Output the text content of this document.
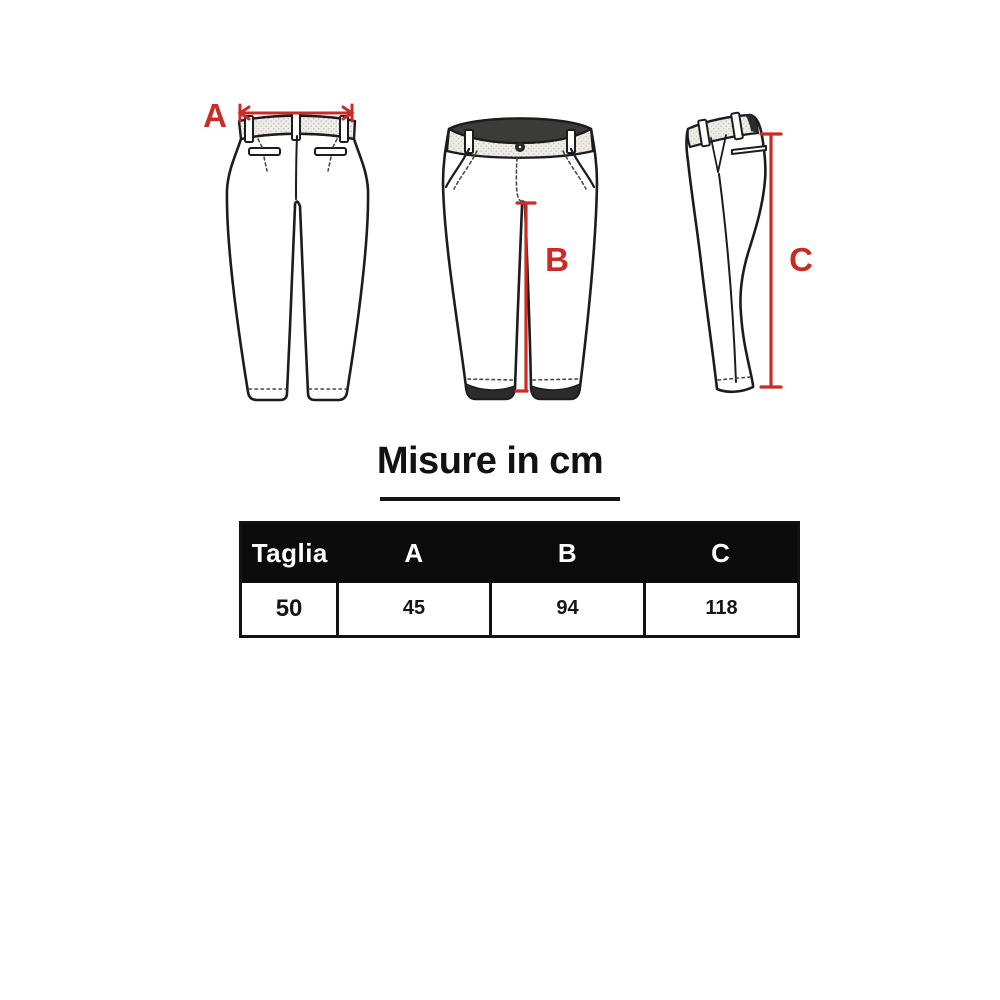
A
B	C
Misure in cm
Taglia	A	B	C
50	45	94	118
